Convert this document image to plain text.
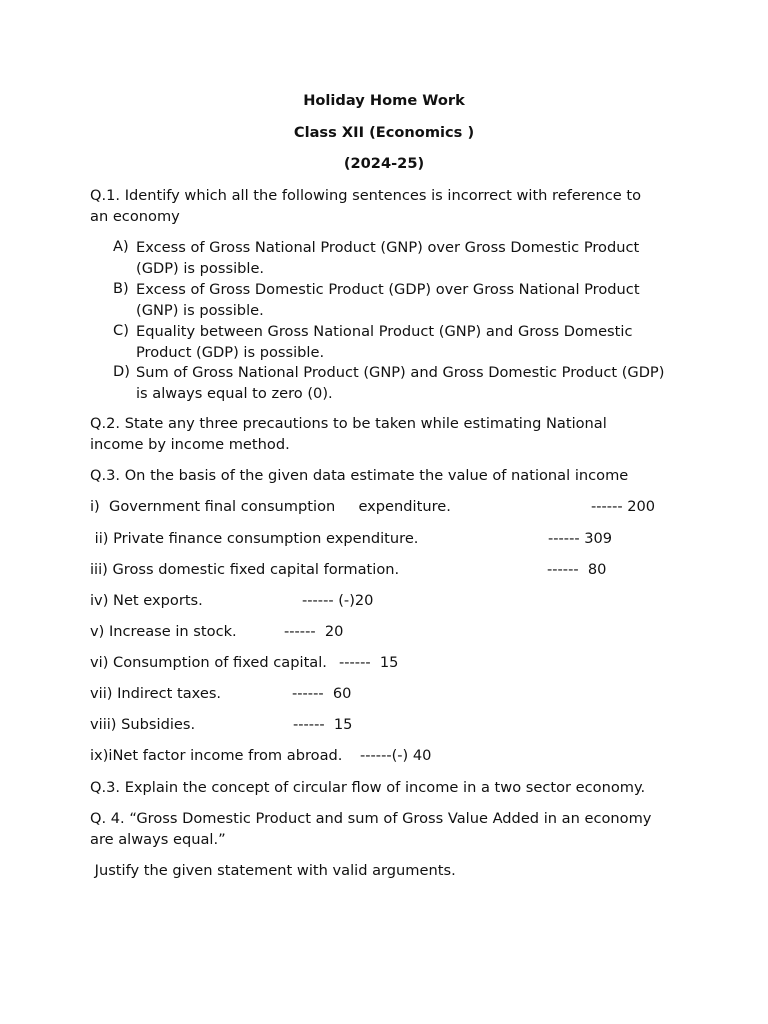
Holiday Home Work
Class XII (Economics )
(2024-25)
Q.1. Identify which all the following sentences is incorrect with reference to
an economy
A) Excess of Gross National Product (GNP) over Gross Domestic Product (GDP) is possible.
B) Excess of Gross Domestic Product (GDP) over Gross National Product (GNP) is possible.
C) Equality between Gross National Product (GNP) and Gross Domestic Product (GDP) is possible.
D) Sum of Gross National Product (GNP) and Gross Domestic Product (GDP) is always equal to zero (0).
Q.2. State any three precautions to be taken while estimating National
income by income method.
Q.3. On the basis of the given data estimate the value of national income
i)  Government final consumption     expenditure.	------ 200
ii) Private finance consumption expenditure.	------ 309
iii) Gross domestic fixed capital formation.	------  80
iv) Net exports.	------ (-)20
v) Increase in stock.	------  20
vi) Consumption of fixed capital. ------  15
vii) Indirect taxes.	------  60
viii) Subsidies.	------  15
ix)iNet factor income from abroad. ------(-) 40
Q.3. Explain the concept of circular flow of income in a two sector economy.
Q. 4. “Gross Domestic Product and sum of Gross Value Added in an economy
are always equal.”
Justify the given statement with valid arguments.
